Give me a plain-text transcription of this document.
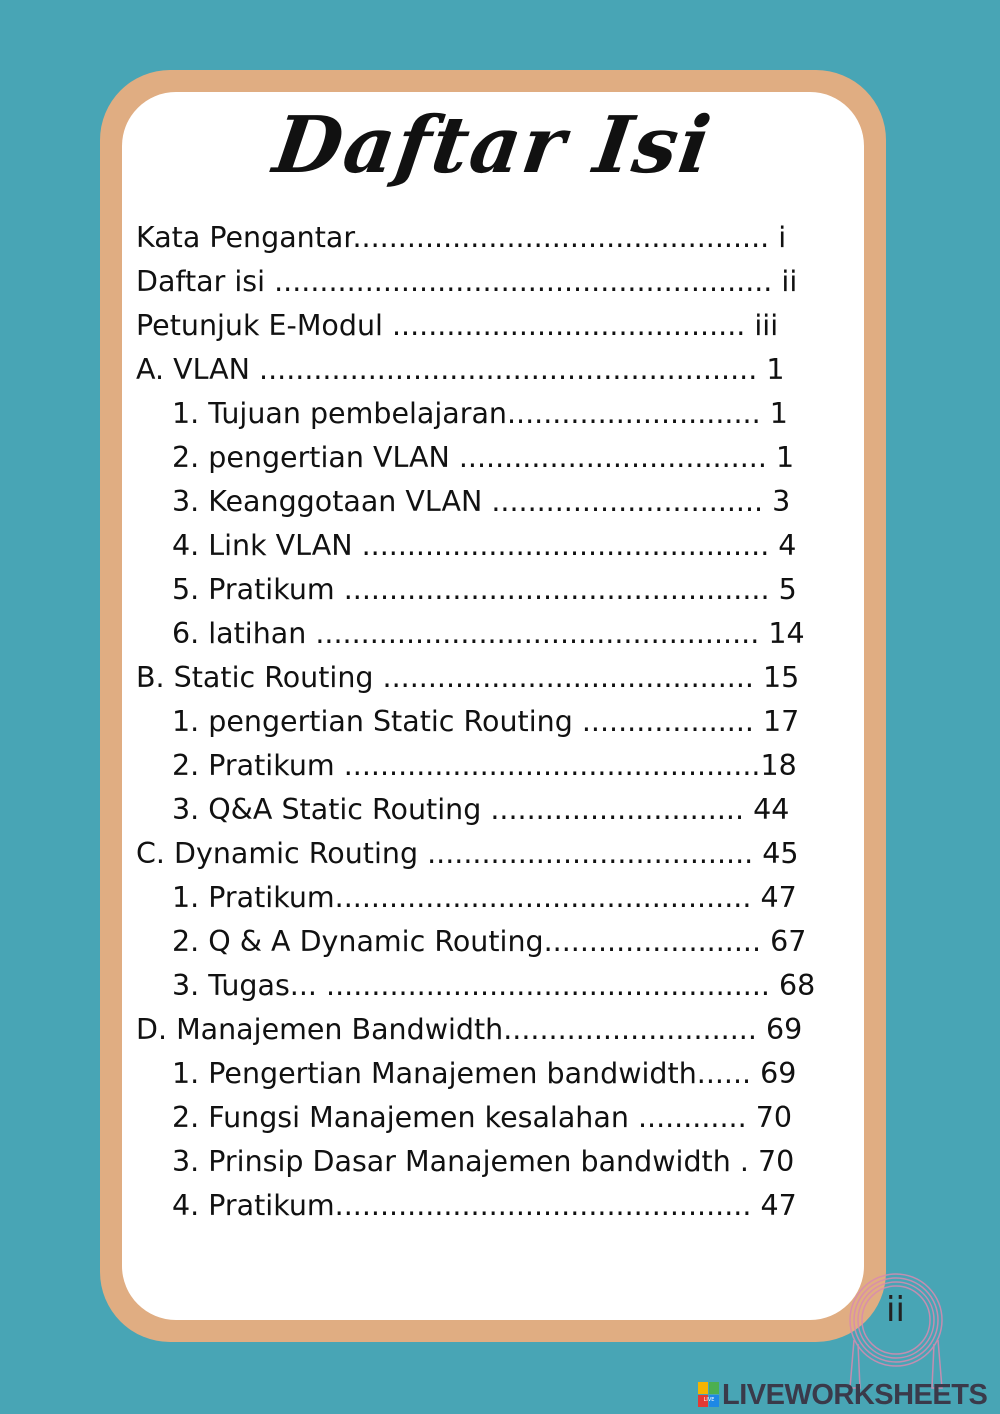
Daftar Isi
Kata Pengantar.............................................. i
Daftar isi ....................................................... ii
Petunjuk E-Modul ....................................... iii
A. VLAN ....................................................... 1
1. Tujuan pembelajaran............................ 1
2. pengertian VLAN .................................. 1
3. Keanggotaan VLAN .............................. 3
4. Link VLAN ............................................. 4
5. Pratikum ............................................... 5
6. latihan ................................................. 14
B. Static Routing ......................................... 15
1. pengertian Static Routing ................... 17
2. Pratikum ..............................................18
3. Q&A Static Routing ............................ 44
C. Dynamic Routing .................................... 45
1. Pratikum.............................................. 47
2. Q & A Dynamic Routing........................ 67
3. Tugas... ................................................. 68
D. Manajemen Bandwidth............................ 69
1. Pengertian Manajemen bandwidth...... 69
2. Fungsi Manajemen kesalahan ............ 70
3. Prinsip Dasar Manajemen bandwidth . 70
4. Pratikum.............................................. 47
ii
LIVE LIVEWORKSHEETS
